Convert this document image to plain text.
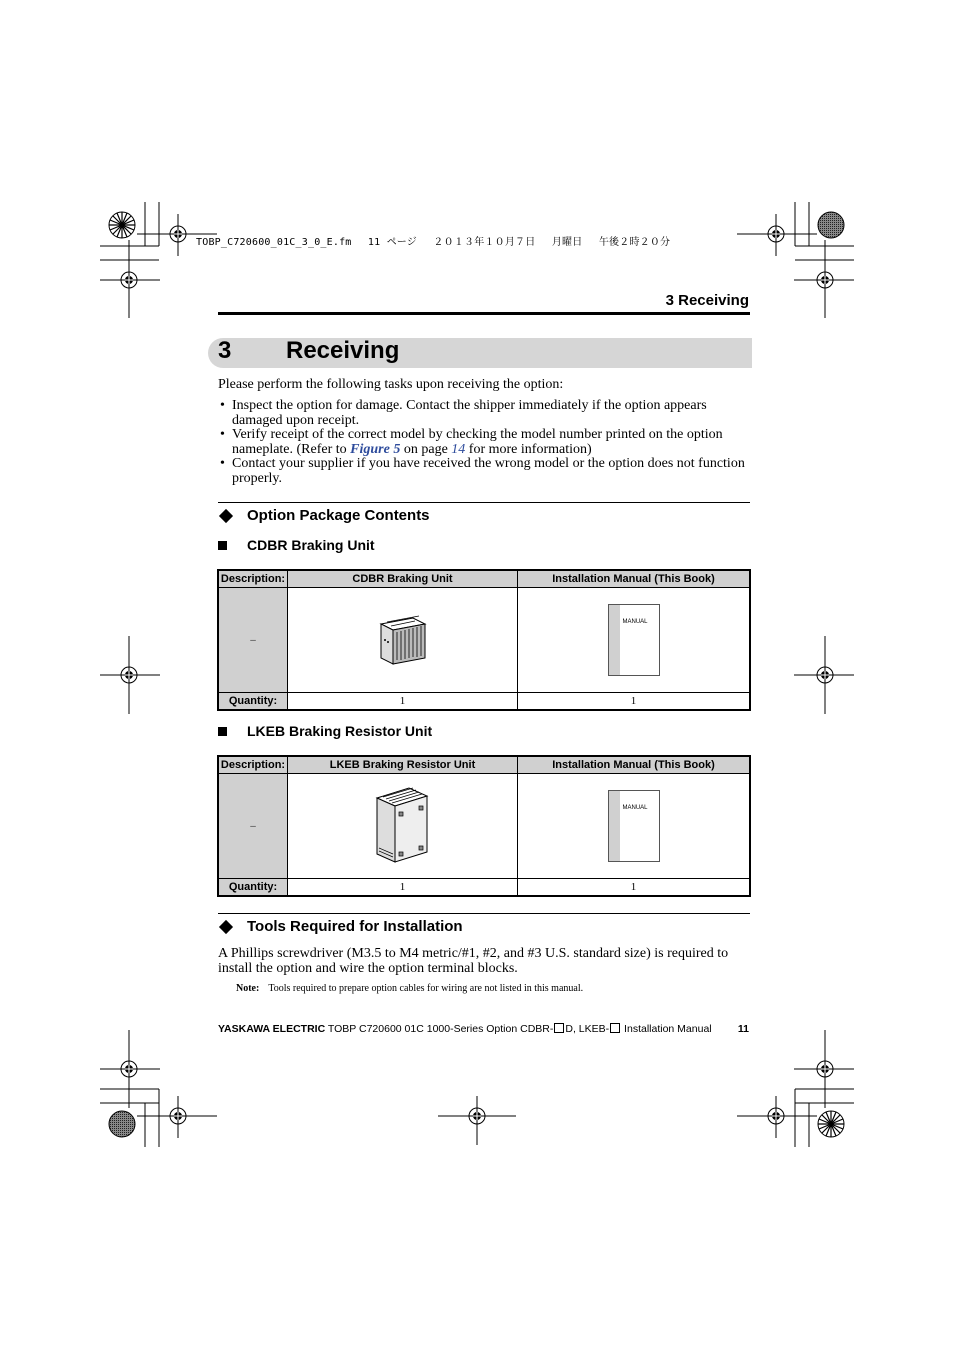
TOBP_C720600_01C_3_0_E.fm　 11 ページ　 ２０１３年１０月７日　 月曜日　 午後２時２０分
3 Receiving
3 Receiving
Please perform the following tasks upon receiving the option:
• Inspect the option for damage. Contact the shipper immediately if the option appears damaged upon receipt.
• Verify receipt of the correct model by checking the model number printed on the option nameplate. (Refer to Figure 5 on page 14 for more information)
• Contact your supplier if you have received the wrong model or the option does not function properly.
Option Package Contents
CDBR Braking Unit
Description:	CDBR Braking Unit	Installation Manual (This Book)
–		MANUAL

Quantity:	1	1
LKEB Braking Resistor Unit
Description:	LKEB Braking Resistor Unit	Installation Manual (This Book)
–		MANUAL

Quantity:	1	1
Tools Required for Installation
A Phillips screwdriver (M3.5 to M4 metric/#1, #2, and #3 U.S. standard size) is required to install the option and wire the option terminal blocks.
Note: Tools required to prepare option cables for wiring are not listed in this manual.
YASKAWA ELECTRIC TOBP C720600 01C 1000-Series Option CDBR- D, LKEB- Installation Manual	11
